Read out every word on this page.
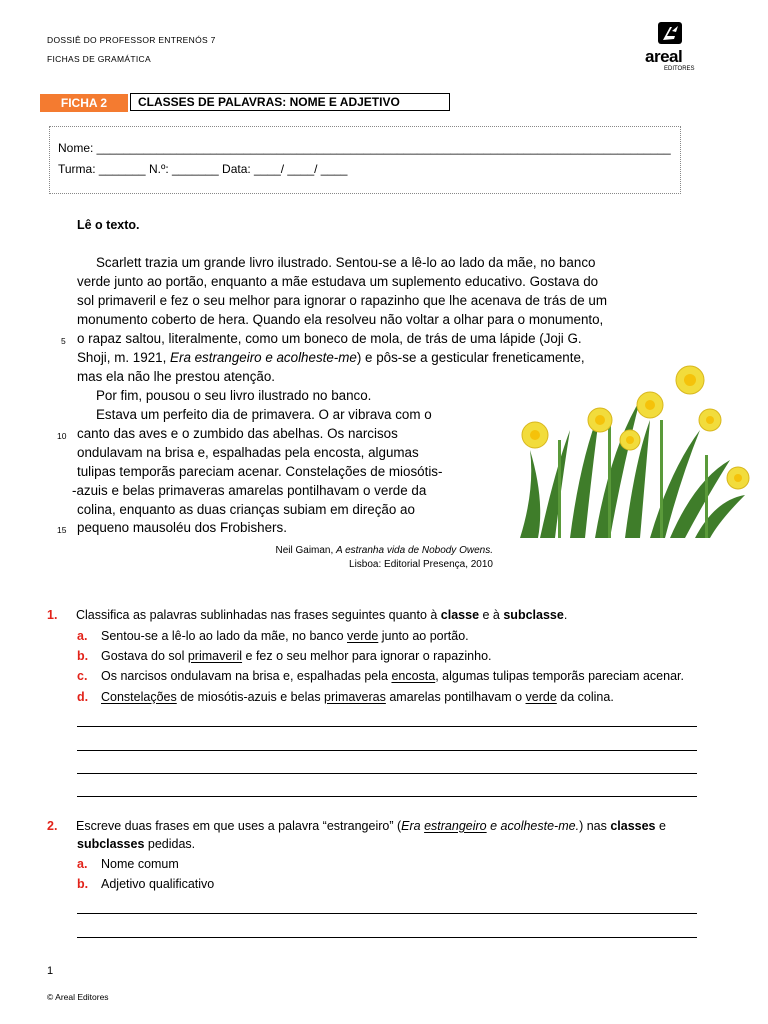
DOSSIÊ DO PROFESSOR ENTRENÓS 7
FICHAS DE GRAMÁTICA	areal
EDITORES
FICHA 2	CLASSES DE PALAVRAS: NOME E ADJETIVO
Nome: ______________________________________________________________________________________
Turma: _______ N.º: _______ Data: ____/ ____/ ____
Lê o texto.
Scarlett trazia um grande livro ilustrado. Sentou-se a lê-lo ao lado da mãe, no banco
verde junto ao portão, enquanto a mãe estudava um suplemento educativo. Gostava do
sol primaveril e fez o seu melhor para ignorar o rapazinho que lhe acenava de trás de um
monumento coberto de hera. Quando ela resolveu não voltar a olhar para o monumento,
o rapaz saltou, literalmente, como um boneco de mola, de trás de uma lápide (Joji G.
Shoji, m. 1921, Era estrangeiro e acolheste-me) e pôs-se a gesticular freneticamente,
mas ela não lhe prestou atenção.
Por fim, pousou o seu livro ilustrado no banco.
Estava um perfeito dia de primavera. O ar vibrava com o
canto das aves e o zumbido das abelhas. Os narcisos
ondulavam na brisa e, espalhadas pela encosta, algumas
tulipas temporãs pareciam acenar. Constelações de miosótis-
-azuis e belas primaveras amarelas pontilhavam o verde da
colina, enquanto as duas crianças subiam em direção ao
pequeno mausoléu dos Frobishers.
5
10
15
Neil Gaiman, A estranha vida de Nobody Owens.
Lisboa: Editorial Presença, 2010
1. Classifica as palavras sublinhadas nas frases seguintes quanto à classe e à subclasse.
a. Sentou-se a lê-lo ao lado da mãe, no banco verde junto ao portão.
b. Gostava do sol primaveril e fez o seu melhor para ignorar o rapazinho.
c. Os narcisos ondulavam na brisa e, espalhadas pela encosta, algumas tulipas temporãs pareciam acenar.
d. Constelações de miosótis-azuis e belas primaveras amarelas pontilhavam o verde da colina.
2. Escreve duas frases em que uses a palavra “estrangeiro” (Era estrangeiro e acolheste-me.) nas classes e
subclasses pedidas.
a. Nome comum
b. Adjetivo qualificativo
1
© Areal Editores
